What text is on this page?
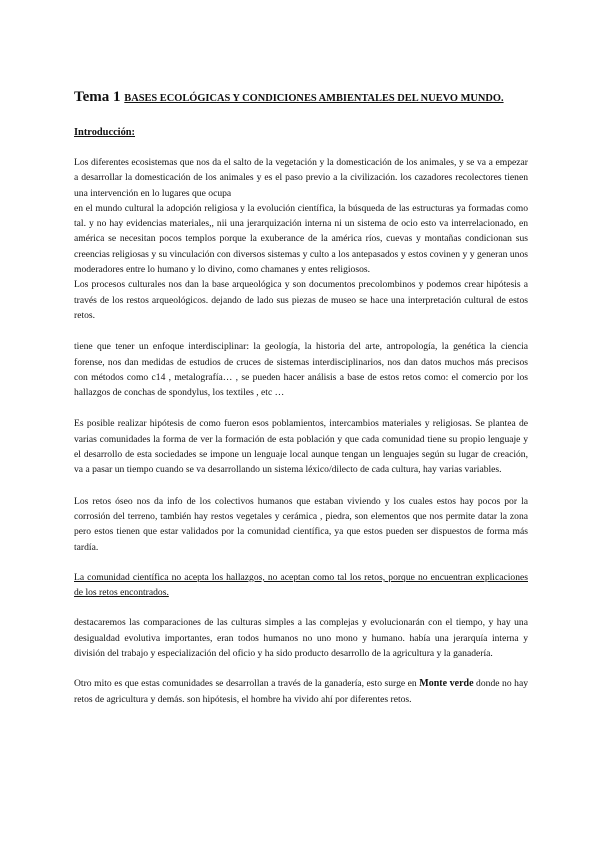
Tema 1 BASES ECOLÓGICAS Y CONDICIONES AMBIENTALES DEL NUEVO MUNDO.
Introducción:

Los diferentes ecosistemas que nos da el salto de la vegetación y la domesticación de los animales, y se va a empezar a desarrollar la domesticación de los animales y es el paso previo a la civilización. los cazadores recolectores tienen una intervención en lo lugares que ocupa

en el mundo cultural la adopción religiosa y la evolución científica, la búsqueda de las estructuras ya formadas como tal. y no hay evidencias materiales,, nii una jerarquización interna ni un sistema de ocio esto va interrelacionado, en américa se necesitan pocos templos porque la exuberance de la américa ríos, cuevas y montañas condicionan sus creencias religiosas y su vinculación con diversos sistemas y culto a los antepasados y estos covinen y y generan unos moderadores entre lo humano y lo divino, como chamanes y entes religiosos.

Los procesos culturales nos dan la base arqueológica y son documentos precolombinos y podemos crear hipótesis a través de los restos arqueológicos. dejando de lado sus piezas de museo se hace una interpretación cultural de estos retos.

tiene que tener un enfoque interdisciplinar: la geología, la historia del arte, antropología, la genética la ciencia forense, nos dan medidas de estudios de cruces de sistemas interdisciplinarios, nos dan datos muchos más precisos con métodos como c14 , metalografía… , se pueden hacer análisis a base de estos retos como: el comercio por los hallazgos de conchas de spondylus, los textiles , etc …

Es posible realizar hipótesis de como fueron esos poblamientos, intercambios materiales y religiosas. Se plantea de varias comunidades la forma de ver la formación de esta población y que cada comunidad tiene su propio lenguaje y el desarrollo de esta sociedades se impone un lenguaje local aunque tengan un lenguajes según su lugar de creación, va a pasar un tiempo cuando se va desarrollando un sistema léxico/dilecto de cada cultura, hay varias variables.

Los retos óseo nos da info de los colectivos humanos que estaban viviendo y los cuales estos hay pocos por la corrosión del terreno, también hay restos vegetales y cerámica , piedra, son elementos que nos permite datar la zona pero estos tienen que estar validados por la comunidad científica, ya que estos pueden ser dispuestos de forma más tardía.

La comunidad científica no acepta los hallazgos, no aceptan como tal los retos, porque no encuentran explicaciones de los retos encontrados.

destacaremos las comparaciones de las culturas simples a las complejas y evolucionarán con el tiempo, y hay una desigualdad evolutiva importantes, eran todos humanos no uno mono y humano. había una jerarquía interna y división del trabajo y especialización del oficio y ha sido producto desarrollo de la agricultura y la ganadería.

Otro mito es que estas comunidades se desarrollan a través de la ganadería, esto surge en Monte verde donde no hay retos de agricultura y demás. son hipótesis, el hombre ha vivido ahí por diferentes retos.
